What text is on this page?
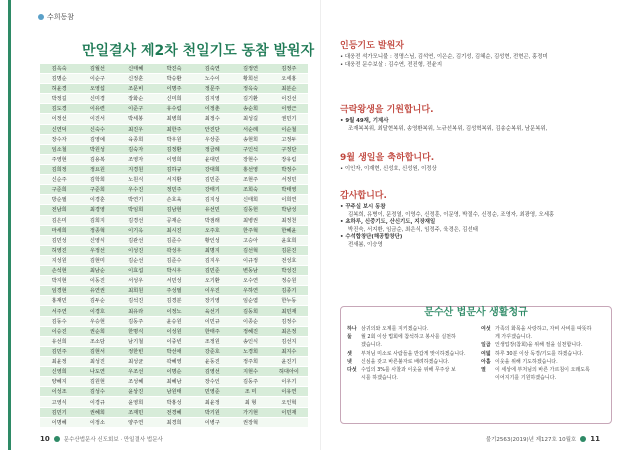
수희동참
만일결사 제2차 천일기도 동참 발원자
김옥숙	김월선	신태혜	박진숙	김숙연	김정연	김정주
김명순	이순구	신정훈	박승환	노수이	황희선	오세홍
허윤경	오영섭	조문비	이명주	정문주	정옥숙	최분순
박정길	신미경	장화순	신미희	김지영	김기환	이진선
김도경	이유련	이준구	유수림	이정춘	송순희	이영근
이정선	이진서	박세봉	최병희	최정수	최성길	권민기
신연덕	신숙수	최진우	최한주	안진단	서순례	이순철
장수자	김영예	육종희	박우원	우상준	송현희	고정두
임소철	박원성	김숙자	김정환	정금례	구인석	구정단
주영현	김용복	조영자	이영희	윤대민	장현수	장유림
김희정	정요원	지경원	김하규	강대희	홍선영	박정수
신순주	김학희	노원식	서지환	김민준	조현주	서정민
구준희	구준희	우수진	정민주	강태기	조희숙	박태영
방순필	이경훈	박연기	손호육	김지성	신태희	이희연
전남희	최경영	박임희	김남현	유선민	김동헌	박남성
김은미	김희지	김경선	공재순	박점래	최병권	최정천
마세희	정종혁	이기옥	최시진	오주호	한주혁	한혜윤
김민성	신영식	김관선	김준수	황인성	고승아	윤효희
허영진	우정선	이성진	곽성우	최명지	김선혁	김문진
지성원	김현미	김순선	김준수	김지우	이규정	전성호
손석현	최남순	이효섭	박시우	김민준	변동남	박성진
박지현	이동진	서성우	서민성	오기환	오수연	정승원
임경현	유연권	최희원	주성필	이우진	우하연	김종기
홍재민	김두순	김석진	김경분	장기영	임순엽	한누동
서주연	이경호	최유라	이정노	육선기	김동희	최민재
김동수	우승현	김동주	윤승원	이민규	이종순	김정수
이승진	권순희	한명식	이성원	한태주	정혜진	최은정
유선희	조소담	남기철	이중빈	조정원	송인식	김선지
김민주	김현서	정한빈	박선애	강준호	노경희	최지수
최윤정	최성진	최성균	곽혜영	윤동진	정주희	윤진기
신영희	나도연	우조선	이명순	김영선	지현수	허대아이
양혜지	김원현	조성혜	최혜남	장수인	김동주	이우기
이성조	김성수	윤상진	남원태	민영준	조 미	이유연
고영식	이경규	윤영희	박홍성	최윤정	최 형	오인혁
김민기	권혜희	조재민	전경혜	박기원	가기현	이민재
이명혜	이정소	양주연	최경희	이병구	권장혁	
인등기도 발원자
• 대웅전 석가모니불 : 정명스님, 김석연, 이은순, 김기성, 김혜순, 김성현, 전현곤, 홍정미
• 대웅전 문수보살 : 김수연, 전진형, 전윤지
극락왕생을 기원합니다.
• 9월 49재, 기제사
조재복복위, 최달현복위, 송영환복위, 노규선복위, 김성혁복위, 김송순복위, 남문복위,
9월 생일을 축하합니다.
• 이인자, 이재현, 신성호, 신성원, 이정상
감사합니다.
• 꾸주실 보시 동참
김복희, 유병이, 문정열, 이영수, 신정훈, 이문영, 박절수, 신정순, 조영자, 최광영, 오세홍
• 초하루, 신중기도, 산신기도, 지장재일
박진숙, 서지환, 임금순, 최은식, 임정주, 육경은, 김선태
• 수석합창단(해공합창단)
전새봄, 이승영
문수산 법문사 생활청규
하나 삼귀의와 오계를 지키겠습니다.
둘	월 2회 이상 법회에 참석하고 봉사를 실천하
겠습니다.
셋	부처님 미소로 사람들을 반갑게 맞이하겠습니다.
넷	신심을 갖고 바른불자로 배려하겠습니다.
다섯 수입의 3%를 사찰과 이웃을 위해 무주상 보
시를 하겠습니다.
여섯 가족의 화목을 사랑하고, 자비 사비를 따뜻하
게 가꾸겠습니다.
일곱 인생업장(참회)을 위해 절을 실천합니다.
여덟 하루 30분 이상 독경/기도를 하겠습니다.
아홉 이웃을 위해 기도하겠습니다.
열	이 세상에 부처님의 바른 가르침이 오래도록
이어지기를 기원하겠습니다.
10	문수산법문사 신도회보 · 만일결사 법문사	불기2563(2019)년 제127호 10월호 11
